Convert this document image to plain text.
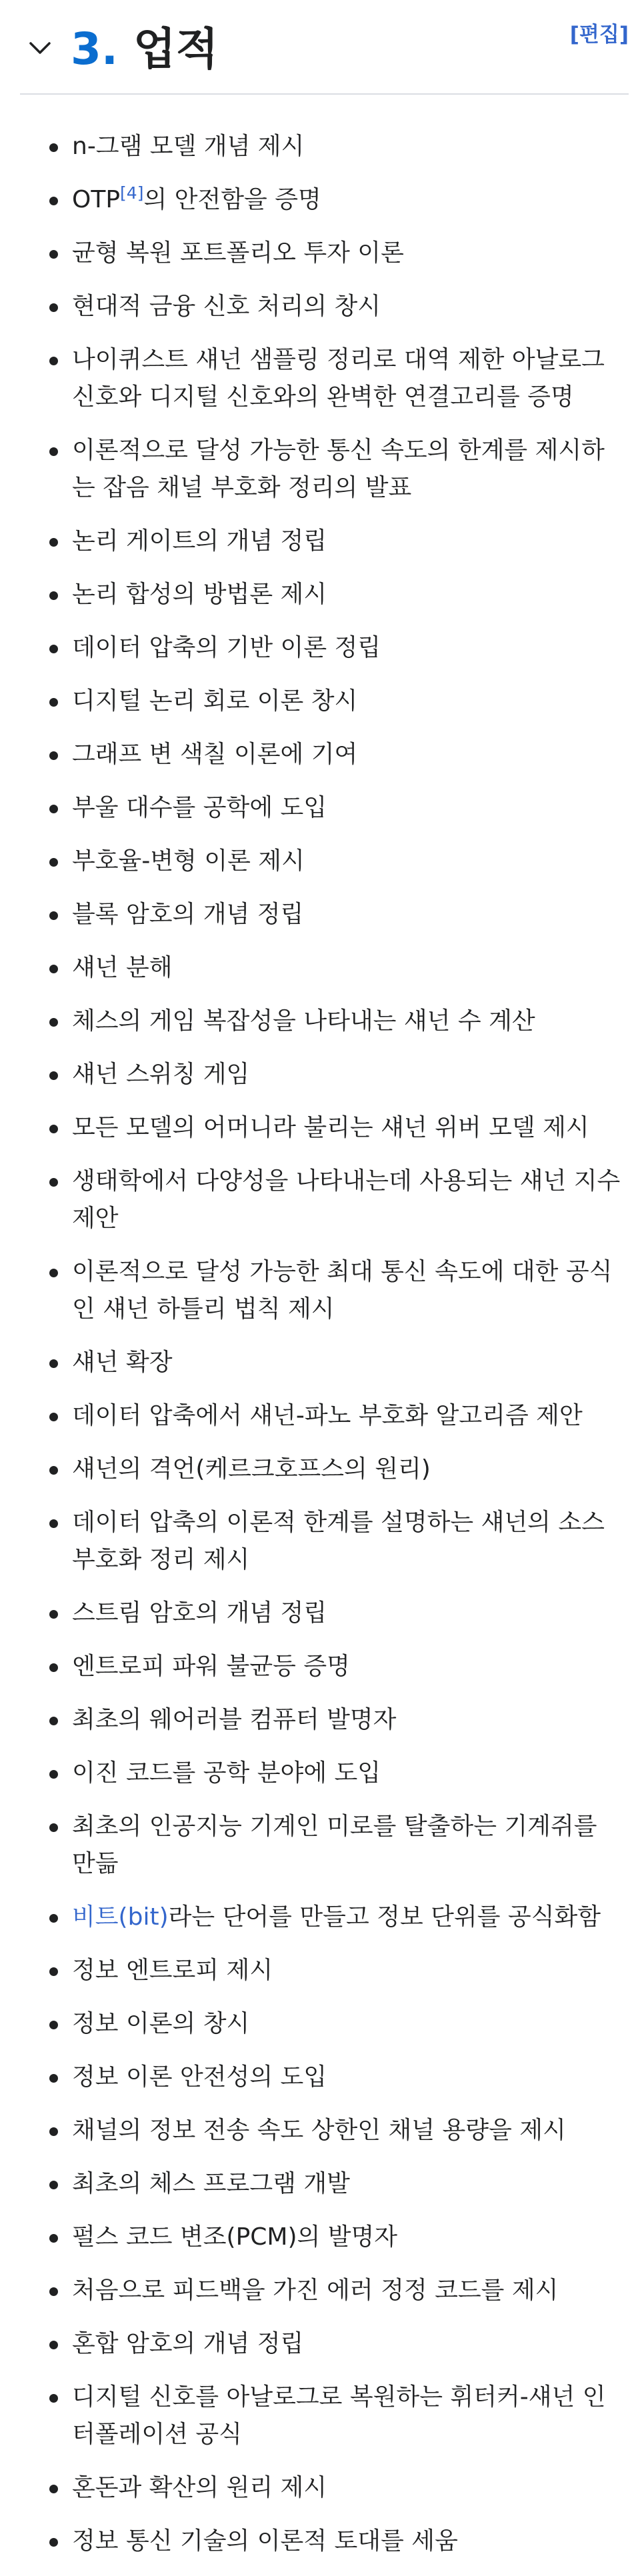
3. 업적	[편집]
n-그램 모델 개념 제시
OTP[4]의 안전함을 증명
균형 복원 포트폴리오 투자 이론
현대적 금융 신호 처리의 창시
나이퀴스트 섀넌 샘플링 정리로 대역 제한 아날로그 신호와 디지털 신호와의 완벽한 연결고리를 증명
이론적으로 달성 가능한 통신 속도의 한계를 제시하는 잡음 채널 부호화 정리의 발표
논리 게이트의 개념 정립
논리 합성의 방법론 제시
데이터 압축의 기반 이론 정립
디지털 논리 회로 이론 창시
그래프 변 색칠 이론에 기여
부울 대수를 공학에 도입
부호율-변형 이론 제시
블록 암호의 개념 정립
섀넌 분해
체스의 게임 복잡성을 나타내는 섀넌 수 계산
섀넌 스위칭 게임
모든 모델의 어머니라 불리는 섀넌 위버 모델 제시
생태학에서 다양성을 나타내는데 사용되는 섀넌 지수 제안
이론적으로 달성 가능한 최대 통신 속도에 대한 공식인 섀넌 하틀리 법칙 제시
섀넌 확장
데이터 압축에서 섀넌-파노 부호화 알고리즘 제안
섀넌의 격언(케르크호프스의 원리)
데이터 압축의 이론적 한계를 설명하는 섀넌의 소스 부호화 정리 제시
스트림 암호의 개념 정립
엔트로피 파워 불균등 증명
최초의 웨어러블 컴퓨터 발명자
이진 코드를 공학 분야에 도입
최초의 인공지능 기계인 미로를 탈출하는 기계쥐를 만듦
비트(bit)라는 단어를 만들고 정보 단위를 공식화함
정보 엔트로피 제시
정보 이론의 창시
정보 이론 안전성의 도입
채널의 정보 전송 속도 상한인 채널 용량을 제시
최초의 체스 프로그램 개발
펄스 코드 변조(PCM)의 발명자
처음으로 피드백을 가진 에러 정정 코드를 제시
혼합 암호의 개념 정립
디지털 신호를 아날로그로 복원하는 휘터커-섀넌 인터폴레이션 공식
혼돈과 확산의 원리 제시
정보 통신 기술의 이론적 토대를 세움
